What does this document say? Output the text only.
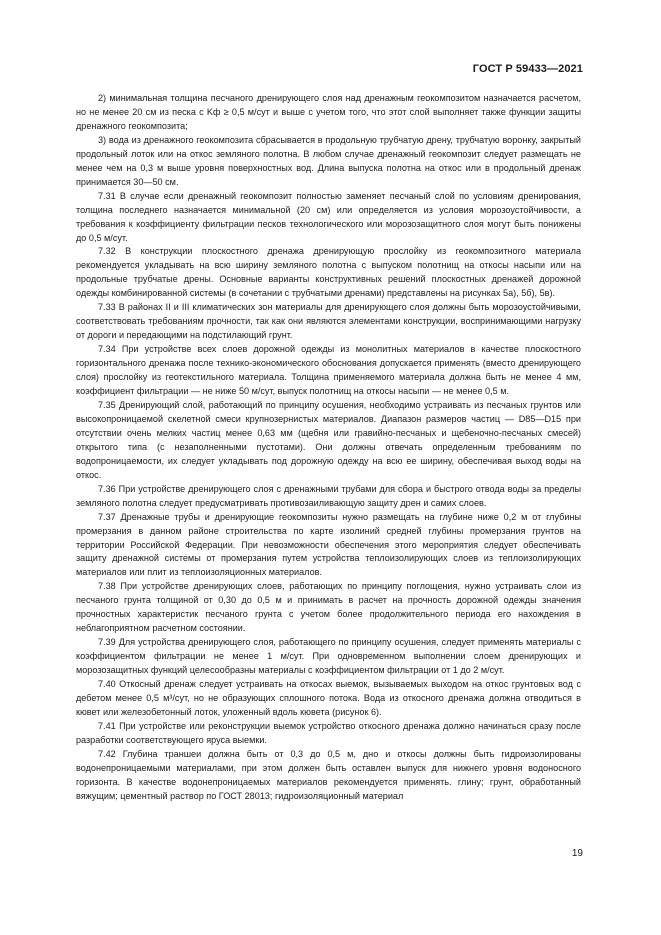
ГОСТ Р 59433—2021

2) минимальная толщина песчаного дренирующего слоя над дренажным геокомпозитом назначается расчетом, но не менее 20 см из песка с Kф ≥ 0,5 м/сут и выше с учетом того, что этот слой выполняет также функции защиты дренажного геокомпозита;

3) вода из дренажного геокомпозита сбрасывается в продольную трубчатую дрену, трубчатую воронку, закрытый продольный лоток или на откос земляного полотна. В любом случае дренажный геокомпозит следует размещать не менее чем на 0,3 м выше уровня поверхностных вод. Длина выпуска полотна на откос или в продольный дренаж принимается 30—50 см.

7.31 В случае если дренажный геокомпозит полностью заменяет песчаный слой по условиям дренирования, толщина последнего назначается минимальной (20 см) или определяется из условия морозоустойчивости, а требования к коэффициенту фильтрации песков технологического или морозозащитного слоя могут быть понижены до 0,5 м/сут.

7.32 В конструкции плоскостного дренажа дренирующую прослойку из геокомпозитного материала рекомендуется укладывать на всю ширину земляного полотна с выпуском полотнищ на откосы насыпи или на продольные трубчатые дрены. Основные варианты конструктивных решений плоскостных дренажей дорожной одежды комбинированной системы (в сочетании с трубчатыми дренами) представлены на рисунках 5а), 5б), 5в).

7.33 В районах II и III климатических зон материалы для дренирующего слоя должны быть морозоустойчивыми, соответствовать требованиям прочности, так как они являются элементами конструкции, воспринимающими нагрузку от дороги и передающими на подстилающий грунт.

7.34 При устройстве всех слоев дорожной одежды из монолитных материалов в качестве плоскостного горизонтального дренажа после технико-экономического обоснования допускается применять (вместо дренирующего слоя) прослойку из геотекстильного материала. Толщина применяемого материала должна быть не менее 4 мм, коэффициент фильтрации — не ниже 50 м/сут, выпуск полотнищ на откосы насыпи — не менее 0,5 м.

7.35 Дренирующий слой, работающий по принципу осушения, необходимо устраивать из песчаных грунтов или высокопроницаемой скелетной смеси крупнозернистых материалов. Диапазон размеров частиц — D85—D15 при отсутствии очень мелких частиц менее 0,63 мм (щебня или гравийно-песчаных и щебеночно-песчаных смесей) открытого типа (с незаполненными пустотами). Они должны отвечать определенным требованиям по водопроницаемости, их следует укладывать под дорожную одежду на всю ее ширину, обеспечивая выход воды на откос.

7.36 При устройстве дренирующего слоя с дренажными трубами для сбора и быстрого отвода воды за пределы земляного полотна следует предусматривать противозаиливающую защиту дрен и самих слоев.

7.37 Дренажные трубы и дренирующие геокомпозиты нужно размещать на глубине ниже 0,2 м от глубины промерзания в данном районе строительства по карте изолиний средней глубины промерзания грунтов на территории Российской Федерации. При невозможности обеспечения этого мероприятия следует обеспечивать защиту дренажной системы от промерзания путем устройства теплоизолирующих слоев из теплоизолирующих материалов или плит из теплоизоляционных материалов.

7.38 При устройстве дренирующих слоев, работающих по принципу поглощения, нужно устраивать слои из песчаного грунта толщиной от 0,30 до 0,5 м и принимать в расчет на прочность дорожной одежды значения прочностных характеристик песчаного грунта с учетом более продолжительного периода его нахождения в неблагоприятном расчетном состоянии.

7.39 Для устройства дренирующего слоя, работающего по принципу осушения, следует применять материалы с коэффициентом фильтрации не менее 1 м/сут. При одновременном выполнении слоем дренирующих и морозозащитных функций целесообразны материалы с коэффициентом фильтрации от 1 до 2 м/сут.

7.40 Откосный дренаж следует устраивать на откосах выемок, вызываемых выходом на откос грунтовых вод с дебетом менее 0,5 м³/сут, но не образующих сплошного потока. Вода из откосного дренажа должна отводиться в кювет или железобетонный лоток, уложенный вдоль кювета (рисунок 6).

7.41 При устройстве или реконструкции выемок устройство откосного дренажа должно начинаться сразу после разработки соответствующего яруса выемки.

7.42 Глубина траншеи должна быть от 0,3 до 0,5 м, дно и откосы должны быть гидроизолированы водонепроницаемыми материалами, при этом должен быть оставлен выпуск для нижнего уровня водоносного горизонта. В качестве водонепроницаемых материалов рекомендуется применять. глину; грунт, обработанный вяжущим; цементный раствор по ГОСТ 28013; гидроизоляционный материал

19
